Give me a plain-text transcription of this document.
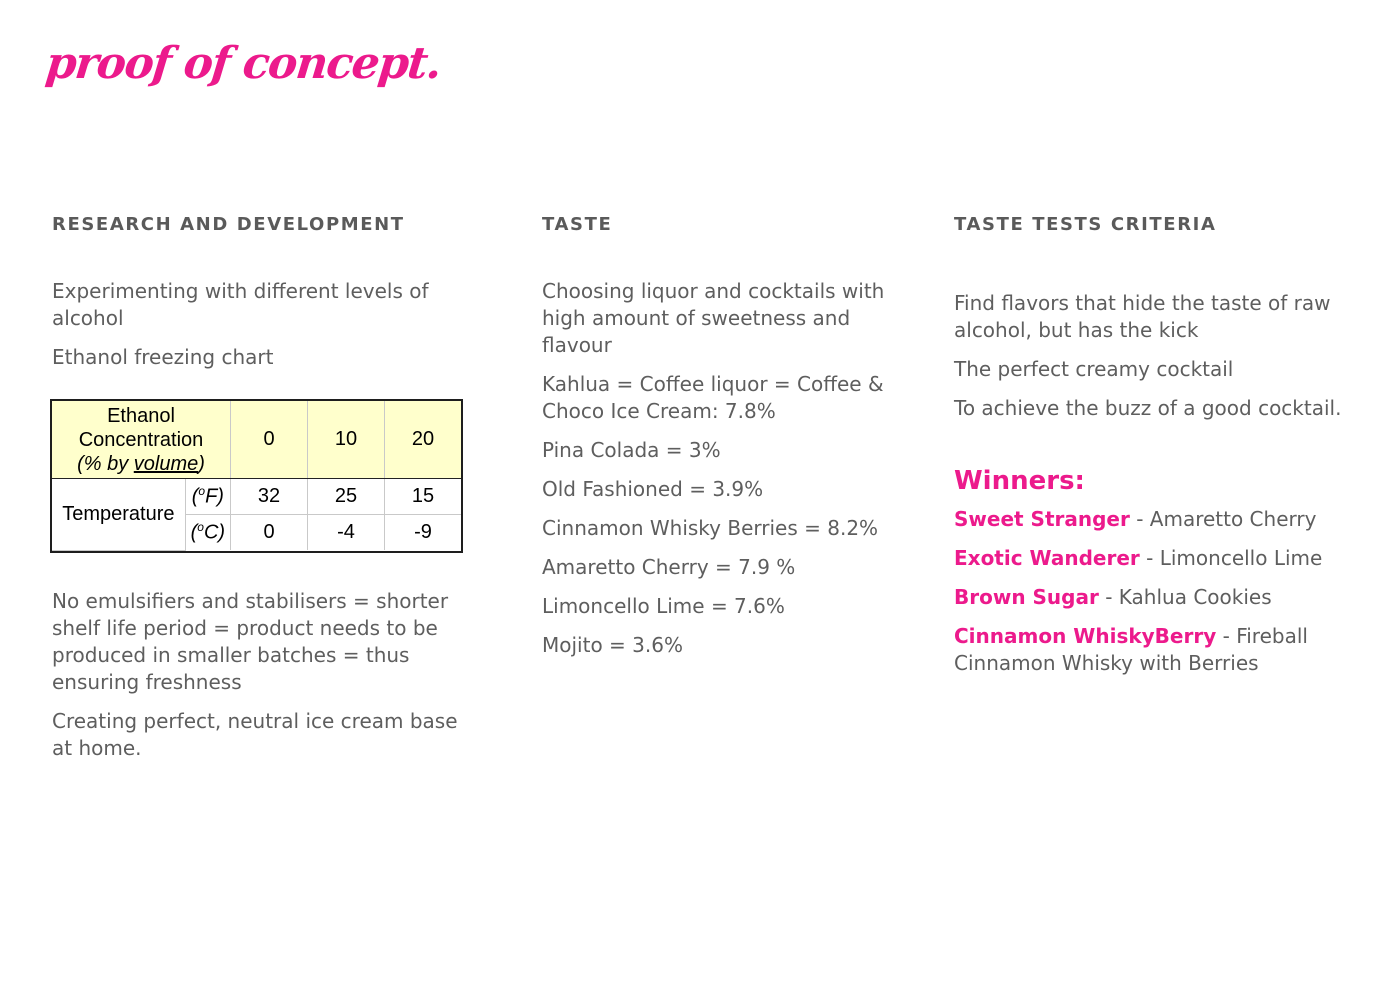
proof of concept.
RESEARCH AND DEVELOPMENT

Experimenting with different levels of alcohol

Ethanol freezing chart

Ethanol
Concentration
(% by volume)		0	10	20
Temperature	($^o$F)	32	25	15
	($^o$C)	0	-4	-9

No emulsifiers and stabilisers = shorter shelf life period = product needs to be produced in smaller batches = thus ensuring freshness

Creating perfect, neutral ice cream base at home.

TASTE

Choosing liquor and cocktails with high amount of sweetness and flavour

Kahlua = Coffee liquor = Coffee & Choco Ice Cream: 7.8%

Pina Colada = 3%

Old Fashioned = 3.9%

Cinnamon Whisky Berries = 8.2%

Amaretto Cherry = 7.9 %

Limoncello Lime = 7.6%

Mojito = 3.6%

TASTE TESTS CRITERIA

Find flavors that hide the taste of raw alcohol, but has the kick

The perfect creamy cocktail

To achieve the buzz of a good cocktail.

Winners:

Sweet Stranger - Amaretto Cherry

Exotic Wanderer - Limoncello Lime

Brown Sugar - Kahlua Cookies

Cinnamon WhiskyBerry - Fireball Cinnamon Whisky with Berries
